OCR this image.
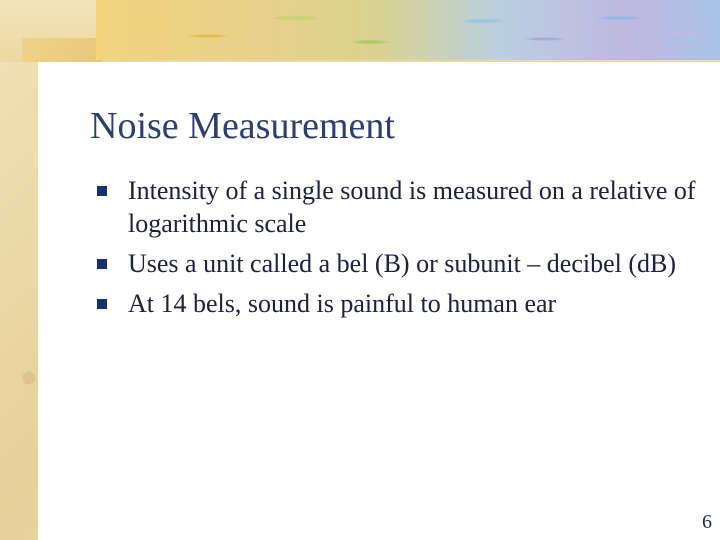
Noise Measurement
Intensity of a single sound is measured on a relative of logarithmic scale
Uses a unit called a bel (B) or subunit – decibel (dB)
At 14 bels, sound is painful to human ear
6
